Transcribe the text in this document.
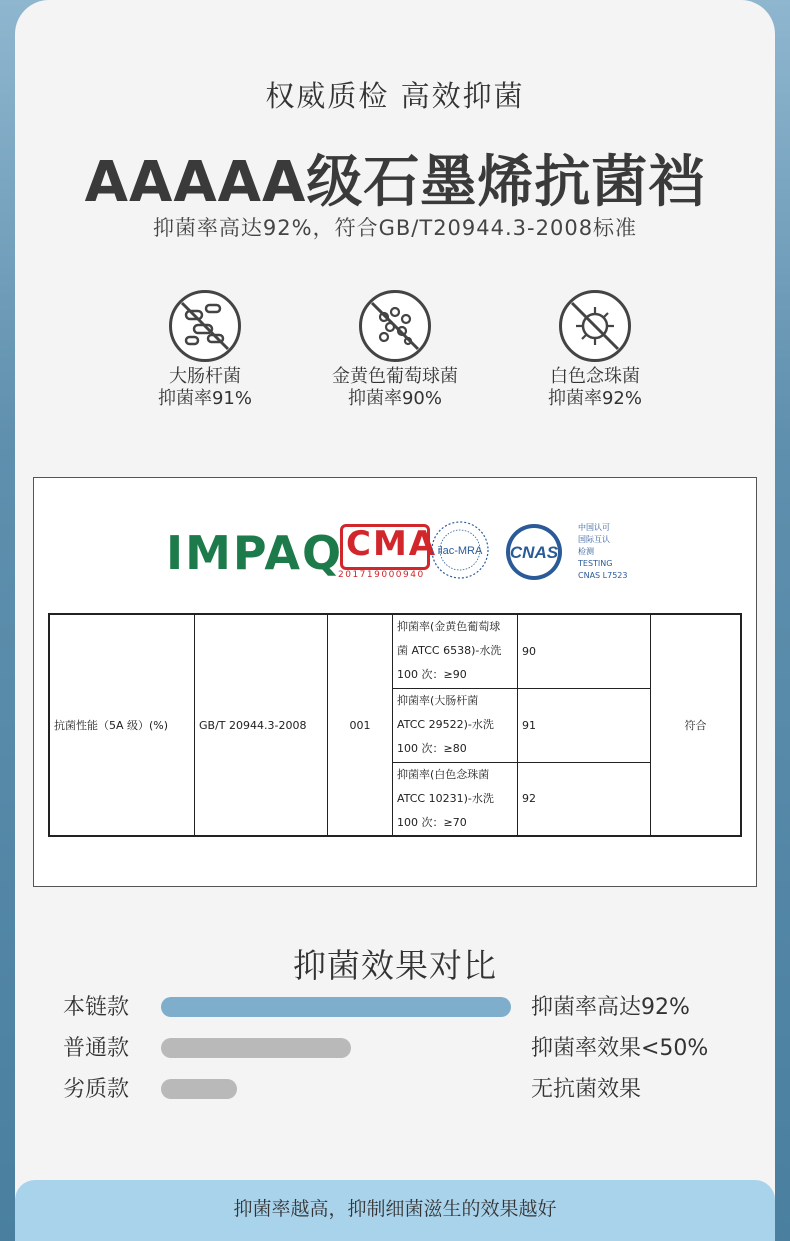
权威质检 高效抑菌
AAAAA级石墨烯抗菌裆
抑菌率高达92%，符合GB/T20944.3-2008标准
大肠杆菌
抑菌率91%
金黄色葡萄球菌
抑菌率90%
白色念珠菌
抑菌率92%
IMPAQ CMA
201719000940
ilac-MRA CNAS
中国认可
国际互认
检测
TESTING
CNAS L7523
抗菌性能（5A 级）(%)	GB/T 20944.3-2008	001	抑菌率(金黄色葡萄球
菌 ATCC 6538)-水洗
100 次：≥90	90	符合

			抑菌率(大肠杆菌
ATCC 29522)-水洗
100 次：≥80	91	

			抑菌率(白色念珠菌
ATCC 10231)-水洗
100 次：≥70	92	
抑菌效果对比
本链款	抑菌率高达92%
普通款	抑菌率效果<50%
劣质款	无抗菌效果
抑菌率越高，抑制细菌滋生的效果越好
